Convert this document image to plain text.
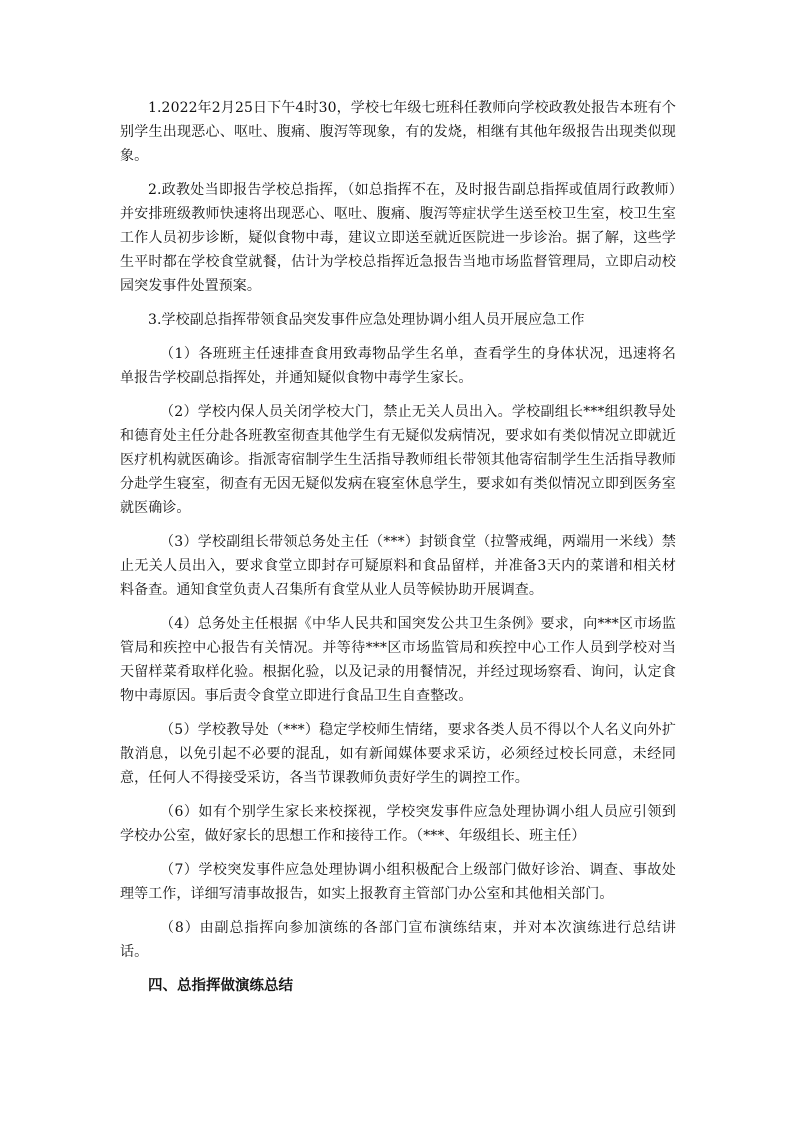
1.2022年2月25日下午4时30，学校七年级七班科任教师向学校政教处报告本班有个别学生出现恶心、呕吐、腹痛、腹泻等现象，有的发烧，相继有其他年级报告出现类似现象。

2.政教处当即报告学校总指挥，（如总指挥不在，及时报告副总指挥或值周行政教师）并安排班级教师快速将出现恶心、呕吐、腹痛、腹泻等症状学生送至校卫生室，校卫生室工作人员初步诊断，疑似食物中毒，建议立即送至就近医院进一步诊治。据了解，这些学生平时都在学校食堂就餐，估计为学校总指挥近急报告当地市场监督管理局，立即启动校园突发事件处置预案。

3.学校副总指挥带领食品突发事件应急处理协调小组人员开展应急工作

（1）各班班主任速排查食用致毒物品学生名单，查看学生的身体状况，迅速将名单报告学校副总指挥处，并通知疑似食物中毒学生家长。

（2）学校内保人员关闭学校大门，禁止无关人员出入。学校副组长***组织教导处和德育处主任分赴各班教室彻查其他学生有无疑似发病情况，要求如有类似情况立即就近医疗机构就医确诊。指派寄宿制学生生活指导教师组长带领其他寄宿制学生生活指导教师分赴学生寝室，彻查有无因无疑似发病在寝室休息学生，要求如有类似情况立即到医务室就医确诊。

（3）学校副组长带领总务处主任（***）封锁食堂（拉警戒绳，两端用一米线）禁止无关人员出入，要求食堂立即封存可疑原料和食品留样，并准备3天内的菜谱和相关材料备查。通知食堂负责人召集所有食堂从业人员等候协助开展调查。

（4）总务处主任根据《中华人民共和国突发公共卫生条例》要求，向***区市场监管局和疾控中心报告有关情况。并等待***区市场监管局和疾控中心工作人员到学校对当天留样菜肴取样化验。根据化验，以及记录的用餐情况，并经过现场察看、询问，认定食物中毒原因。事后责令食堂立即进行食品卫生自查整改。

（5）学校教导处（***）稳定学校师生情绪，要求各类人员不得以个人名义向外扩散消息，以免引起不必要的混乱，如有新闻媒体要求采访，必须经过校长同意，未经同意，任何人不得接受采访，各当节课教师负责好学生的调控工作。

（6）如有个别学生家长来校探视，学校突发事件应急处理协调小组人员应引领到学校办公室，做好家长的思想工作和接待工作。（***、年级组长、班主任）

（7）学校突发事件应急处理协调小组积极配合上级部门做好诊治、调查、事故处理等工作，详细写清事故报告，如实上报教育主管部门办公室和其他相关部门。

（8）由副总指挥向参加演练的各部门宣布演练结束，并对本次演练进行总结讲话。

四、总指挥做演练总结
